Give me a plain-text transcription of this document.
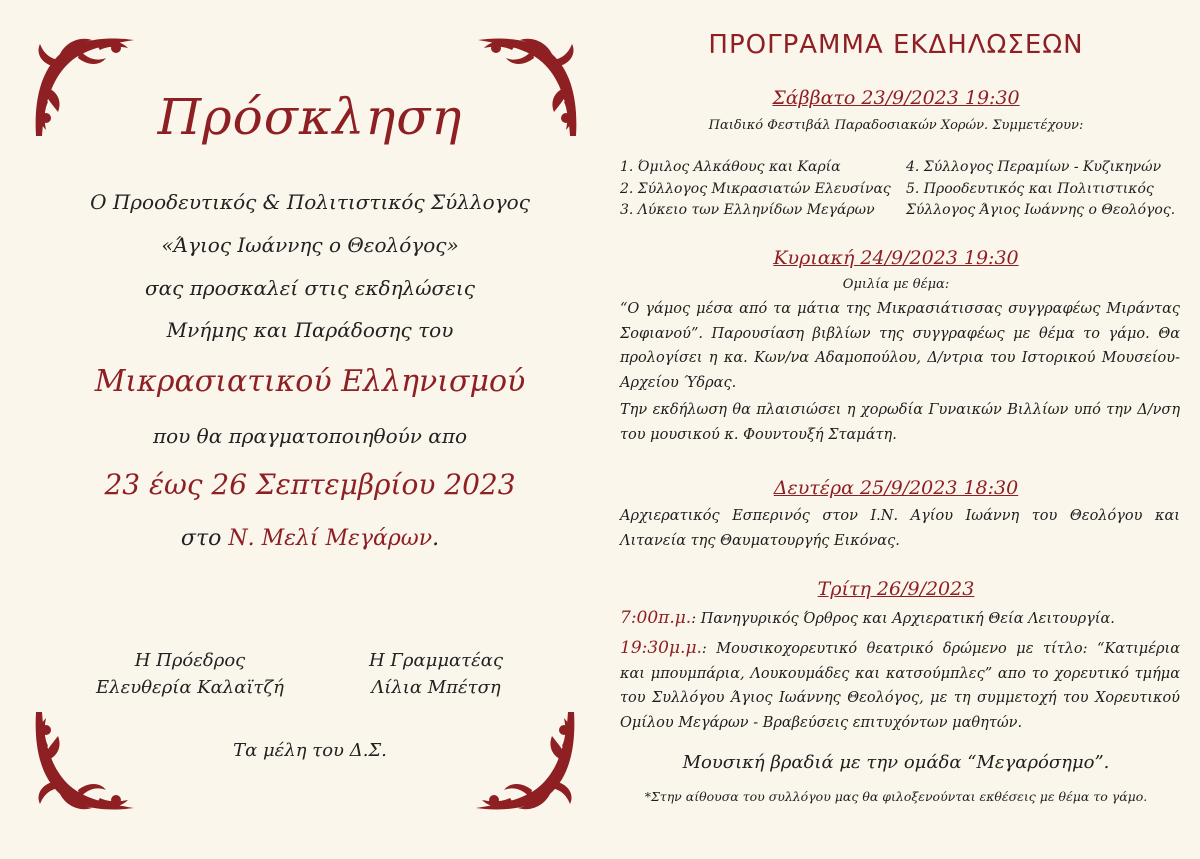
Πρόσκληση
Ο Προοδευτικός & Πολιτιστικός Σύλλογος
«Άγιος Ιωάννης ο Θεολόγος»
σας προσκαλεί στις εκδηλώσεις
Μνήμης και Παράδοσης του
Μικρασιατικού Ελληνισμού
που θα πραγματοποιηθούν απο
23 έως 26 Σεπτεμβρίου 2023
στο Ν. Μελί Μεγάρων.
Η Πρόεδρος
Ελευθερία Καλαϊτζή
Η Γραμματέας
Λίλια Μπέτση
Τα μέλη του Δ.Σ.
ΠΡΟΓΡΑΜΜΑ ΕΚΔΗΛΩΣΕΩΝ
Σάββατο 23/9/2023 19:30
Παιδικό Φεστιβάλ Παραδοσιακών Χορών. Συμμετέχουν:
1. Όμιλος Αλκάθους και Καρία
2. Σύλλογος Μικρασιατών Ελευσίνας
3. Λύκειο των Ελληνίδων Μεγάρων
4. Σύλλογος Περαμίων - Κυζικηνών
5. Προοδευτικός και Πολιτιστικός
Σύλλογος Άγιος Ιωάννης ο Θεολόγος.
Κυριακή 24/9/2023 19:30
Ομιλία με θέμα:
“Ο γάμος μέσα από τα μάτια της Μικρασιάτισσας συγγραφέως Μιράντας Σοφιανού”. Παρουσίαση βιβλίων της συγγραφέως με θέμα το γάμο. Θα προλογίσει η κα. Κων/να Αδαμοπούλου, Δ/ντρια του Ιστορικού Μουσείου- Αρχείου Ύδρας.
Την εκδήλωση θα πλαισιώσει η χορωδία Γυναικών Βιλλίων υπό την Δ/νση του μουσικού κ. Φουντουξή Σταμάτη.
Δευτέρα 25/9/2023 18:30
Αρχιερατικός Εσπερινός στον Ι.Ν. Αγίου Ιωάννη του Θεολόγου και Λιτανεία της Θαυματουργής Εικόνας.
Τρίτη 26/9/2023
7:00π.μ.: Πανηγυρικός Όρθρος και Αρχιερατική Θεία Λειτουργία.
19:30μ.μ.: Μουσικοχορευτικό θεατρικό δρώμενο με τίτλο: “Κατιμέρια και μπουμπάρια, Λουκουμάδες και κατσούμπλες” απο το χορευτικό τμήμα του Συλλόγου Άγιος Ιωάννης Θεολόγος, με τη συμμετοχή του Χορευτικού Ομίλου Μεγάρων - Βραβεύσεις επιτυχόντων μαθητών.
Μουσική βραδιά με την ομάδα “Μεγαρόσημο”.
*Στην αίθουσα του συλλόγου μας θα φιλοξενούνται εκθέσεις με θέμα το γάμο.
